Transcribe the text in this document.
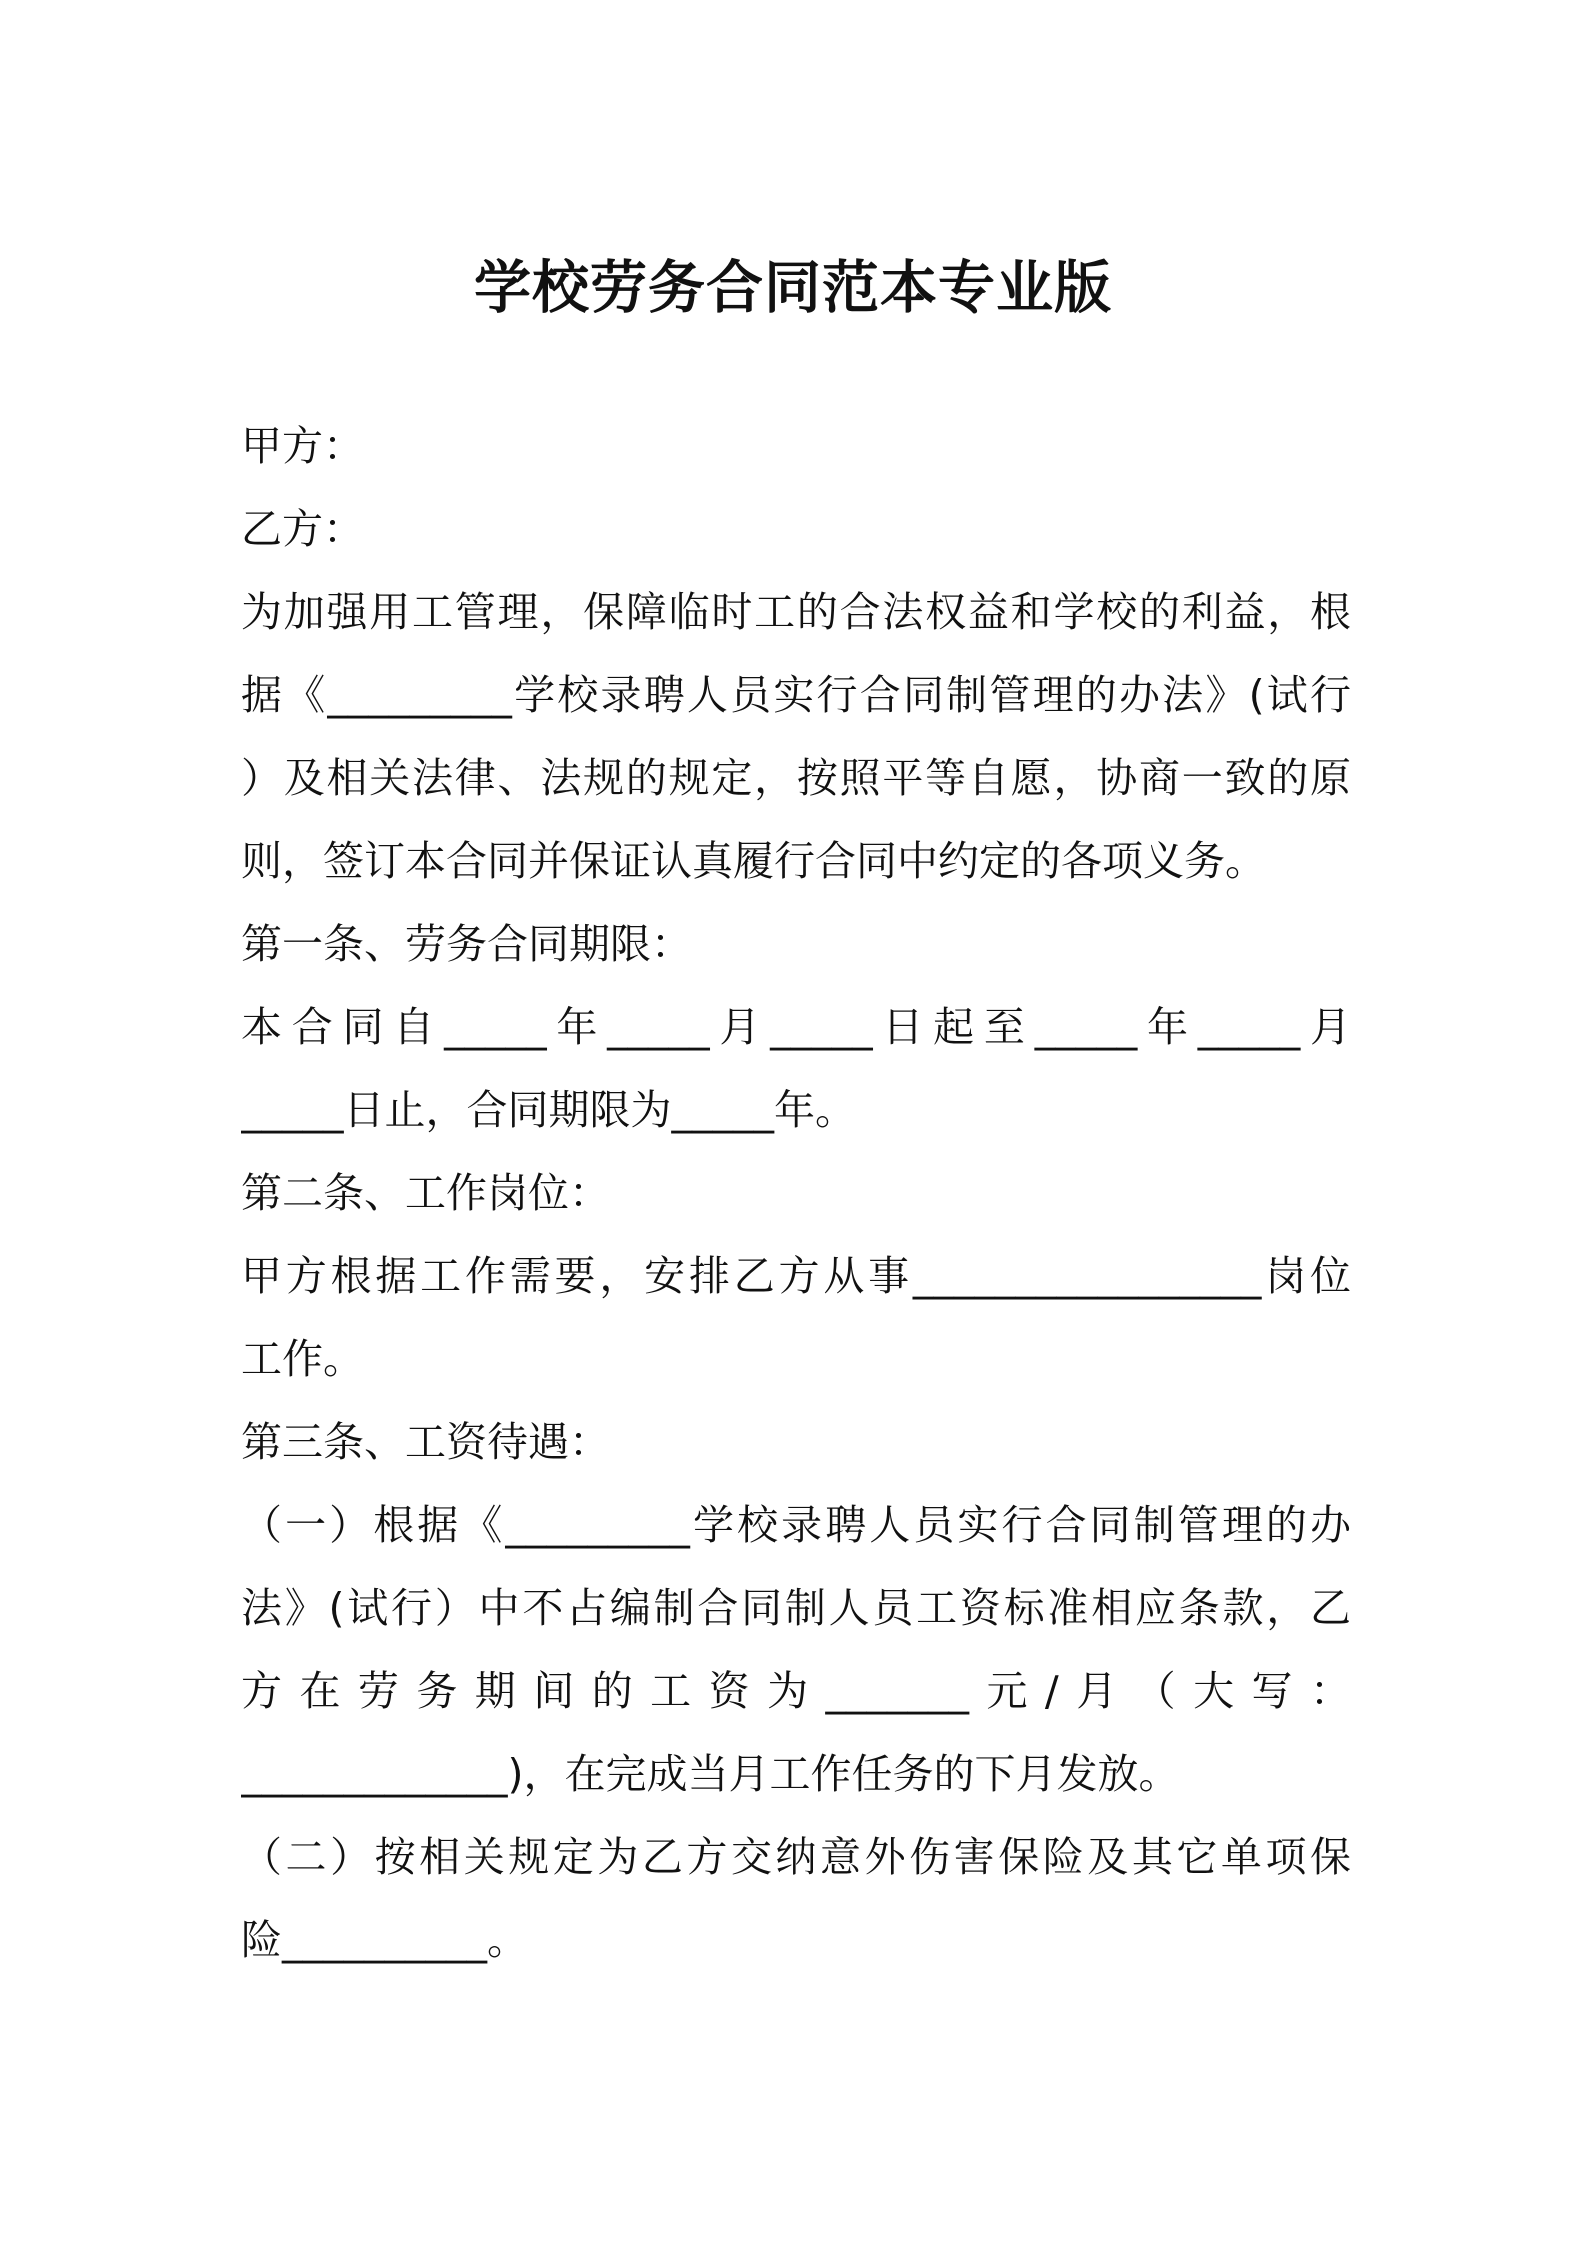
学校劳务合同范本专业版
甲方：
乙方：
为加强用工管理，保障临时工的合法权益和学校的利益，根
据《_________学校录聘人员实行合同制管理的办法》(试行
）及相关法律、法规的规定，按照平等自愿，协商一致的原
则，签订本合同并保证认真履行合同中约定的各项义务。
第一条、劳务合同期限：
本合同自_____年_____月_____日起至_____年_____月
_____日止，合同期限为_____年。
第二条、工作岗位：
甲方根据工作需要，安排乙方从事_________________岗位
工作。
第三条、工资待遇：
（一）根据《_________学校录聘人员实行合同制管理的办
法》(试行）中不占编制合同制人员工资标准相应条款，乙
方在劳务期间的工资为_______元/月（大写：
_____________)，在完成当月工作任务的下月发放。
（二）按相关规定为乙方交纳意外伤害保险及其它单项保
险__________。
